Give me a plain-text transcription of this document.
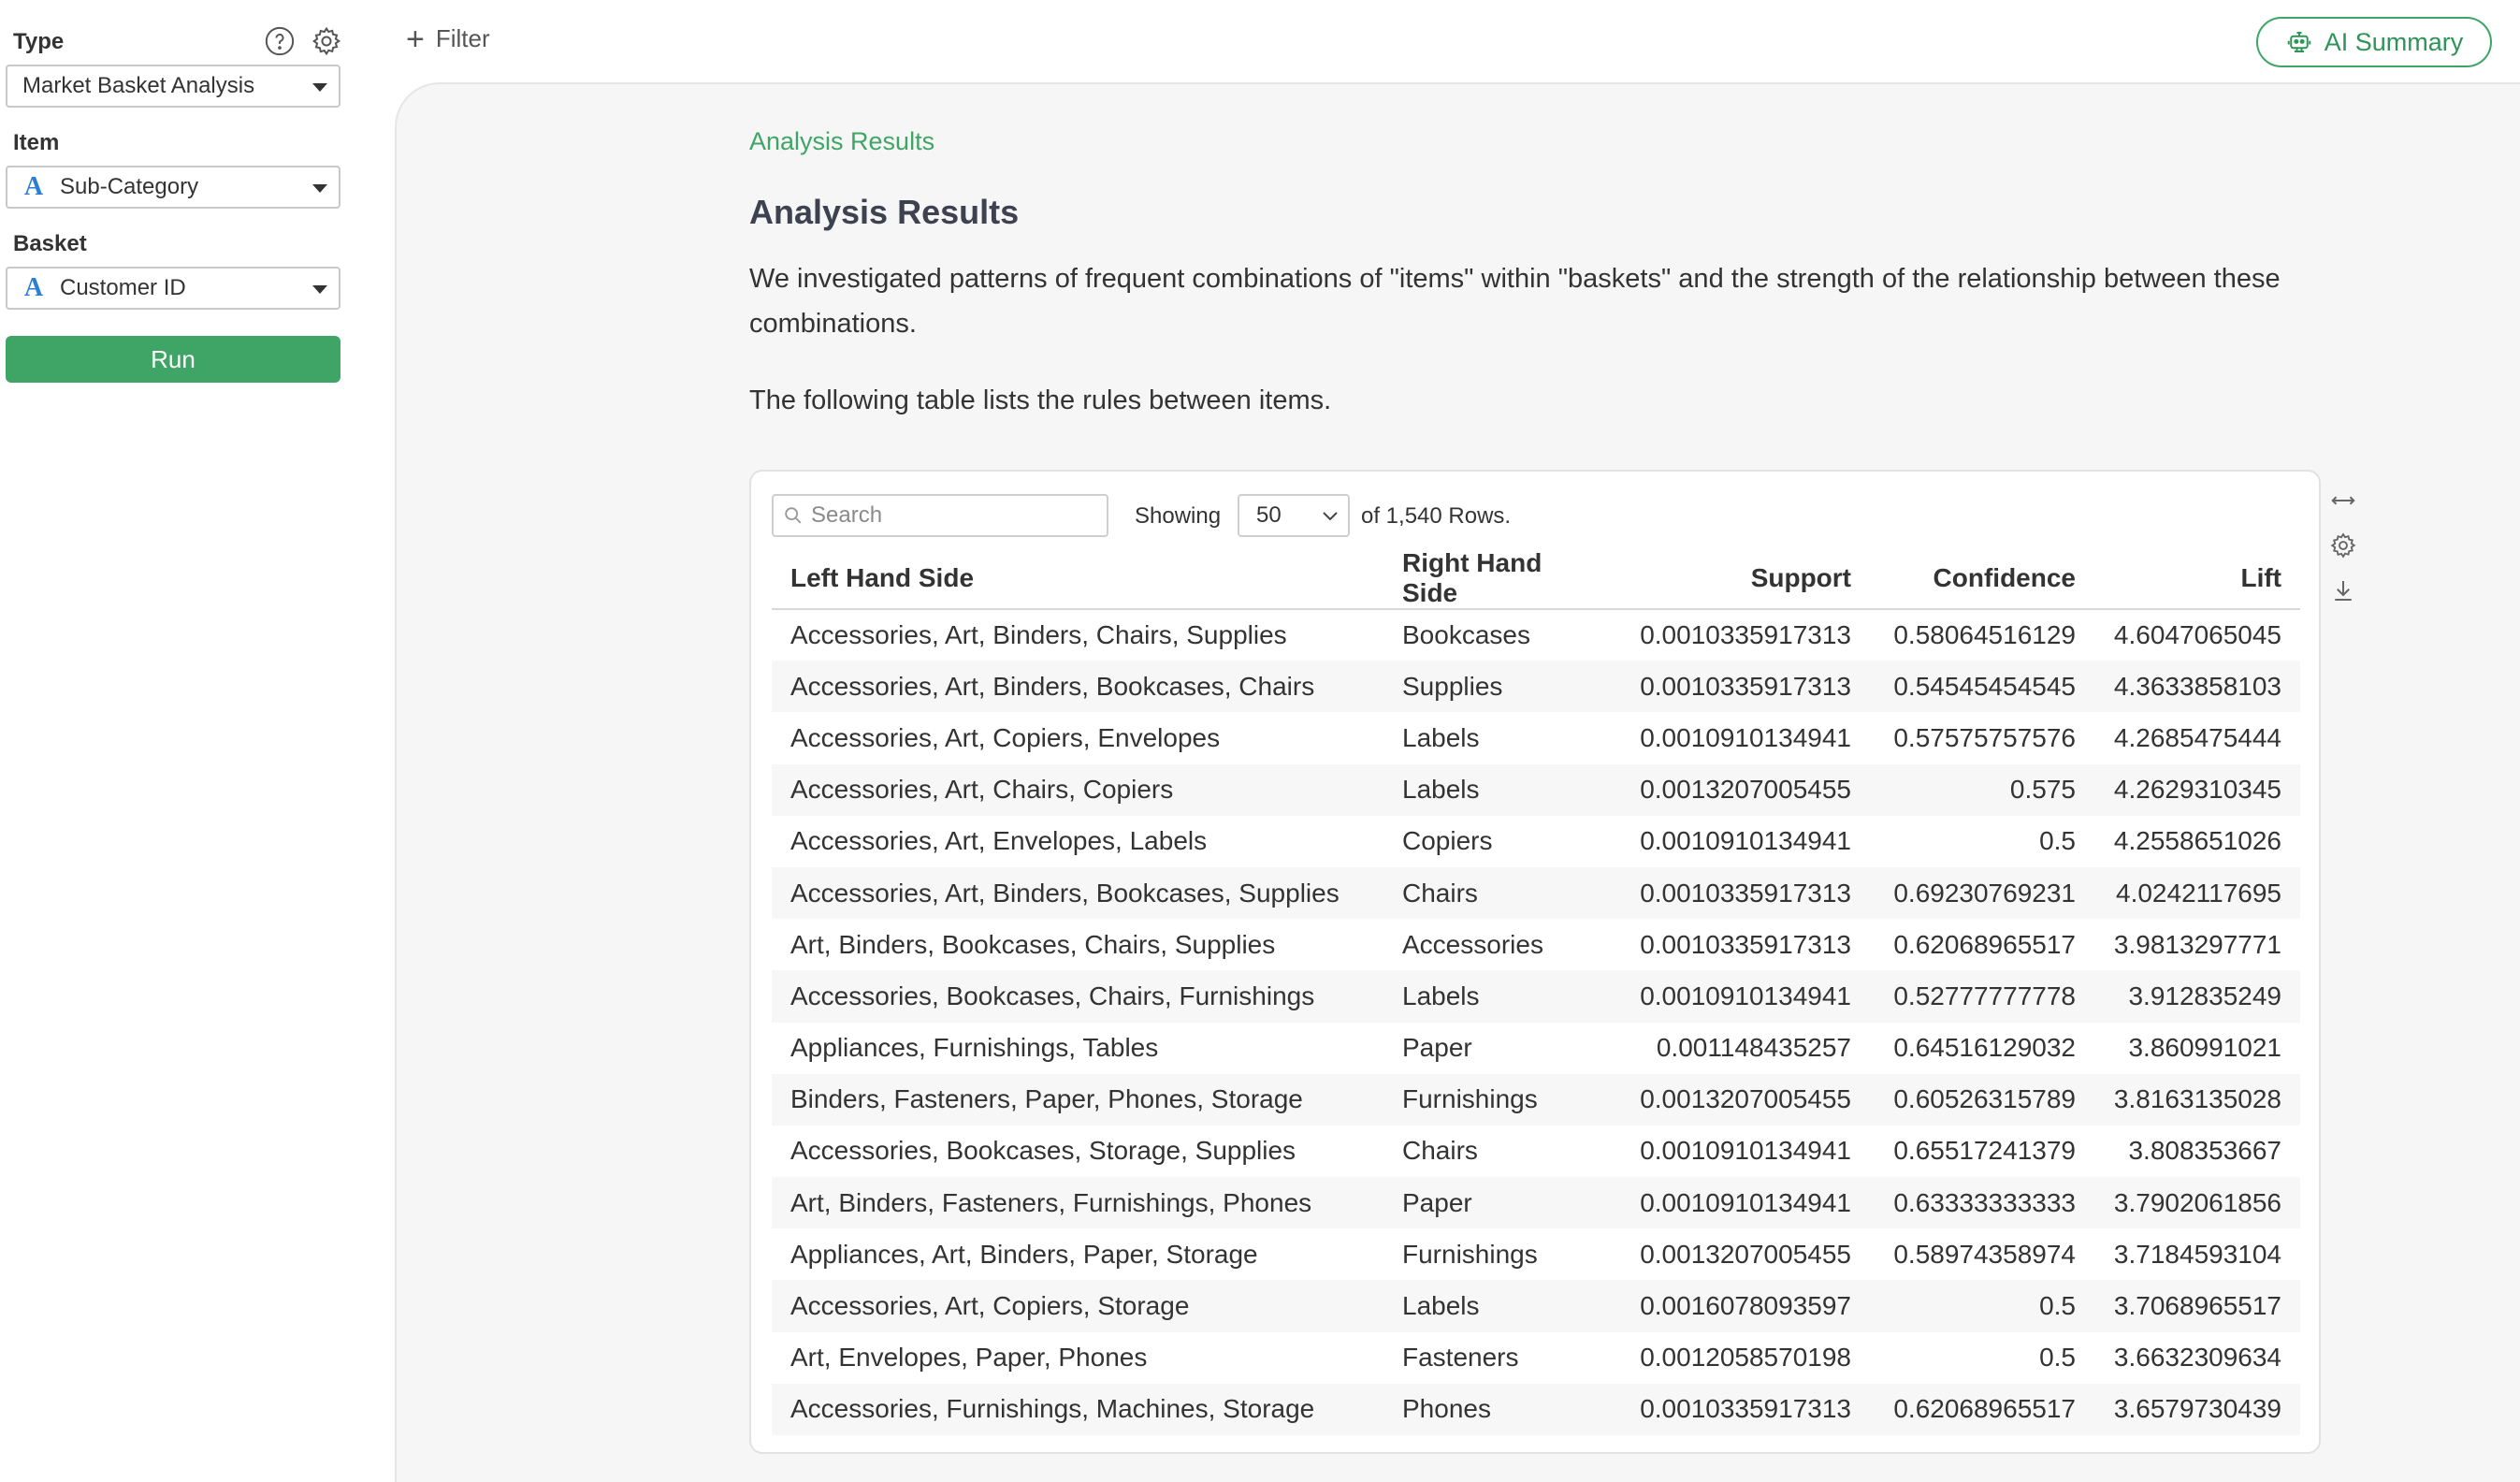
Type
Market Basket Analysis
Item
A Sub-Category
Basket
A Customer ID
Run
+ Filter	AI Summary
Analysis Results
Analysis Results
We investigated patterns of frequent combinations of "items" within "baskets" and the strength of the relationship between these combinations.
The following table lists the rules between items.
Search
Showing 50	of 1,540 Rows.
Left Hand Side	Right Hand Side	Support	Confidence	Lift
Accessories, Art, Binders, Chairs, Supplies	Bookcases	0.0010335917313	0.58064516129	4.6047065045
Accessories, Art, Binders, Bookcases, Chairs	Supplies	0.0010335917313	0.54545454545	4.3633858103
Accessories, Art, Copiers, Envelopes	Labels	0.0010910134941	0.57575757576	4.2685475444
Accessories, Art, Chairs, Copiers	Labels	0.0013207005455	0.575	4.2629310345
Accessories, Art, Envelopes, Labels	Copiers	0.0010910134941	0.5	4.2558651026
Accessories, Art, Binders, Bookcases, Supplies	Chairs	0.0010335917313	0.69230769231	4.0242117695
Art, Binders, Bookcases, Chairs, Supplies	Accessories	0.0010335917313	0.62068965517	3.9813297771
Accessories, Bookcases, Chairs, Furnishings	Labels	0.0010910134941	0.52777777778	3.912835249
Appliances, Furnishings, Tables	Paper	0.001148435257	0.64516129032	3.860991021
Binders, Fasteners, Paper, Phones, Storage	Furnishings	0.0013207005455	0.60526315789	3.8163135028
Accessories, Bookcases, Storage, Supplies	Chairs	0.0010910134941	0.65517241379	3.808353667
Art, Binders, Fasteners, Furnishings, Phones	Paper	0.0010910134941	0.63333333333	3.7902061856
Appliances, Art, Binders, Paper, Storage	Furnishings	0.0013207005455	0.58974358974	3.7184593104
Accessories, Art, Copiers, Storage	Labels	0.0016078093597	0.5	3.7068965517
Art, Envelopes, Paper, Phones	Fasteners	0.0012058570198	0.5	3.6632309634
Accessories, Furnishings, Machines, Storage	Phones	0.0010335917313	0.62068965517	3.6579730439
